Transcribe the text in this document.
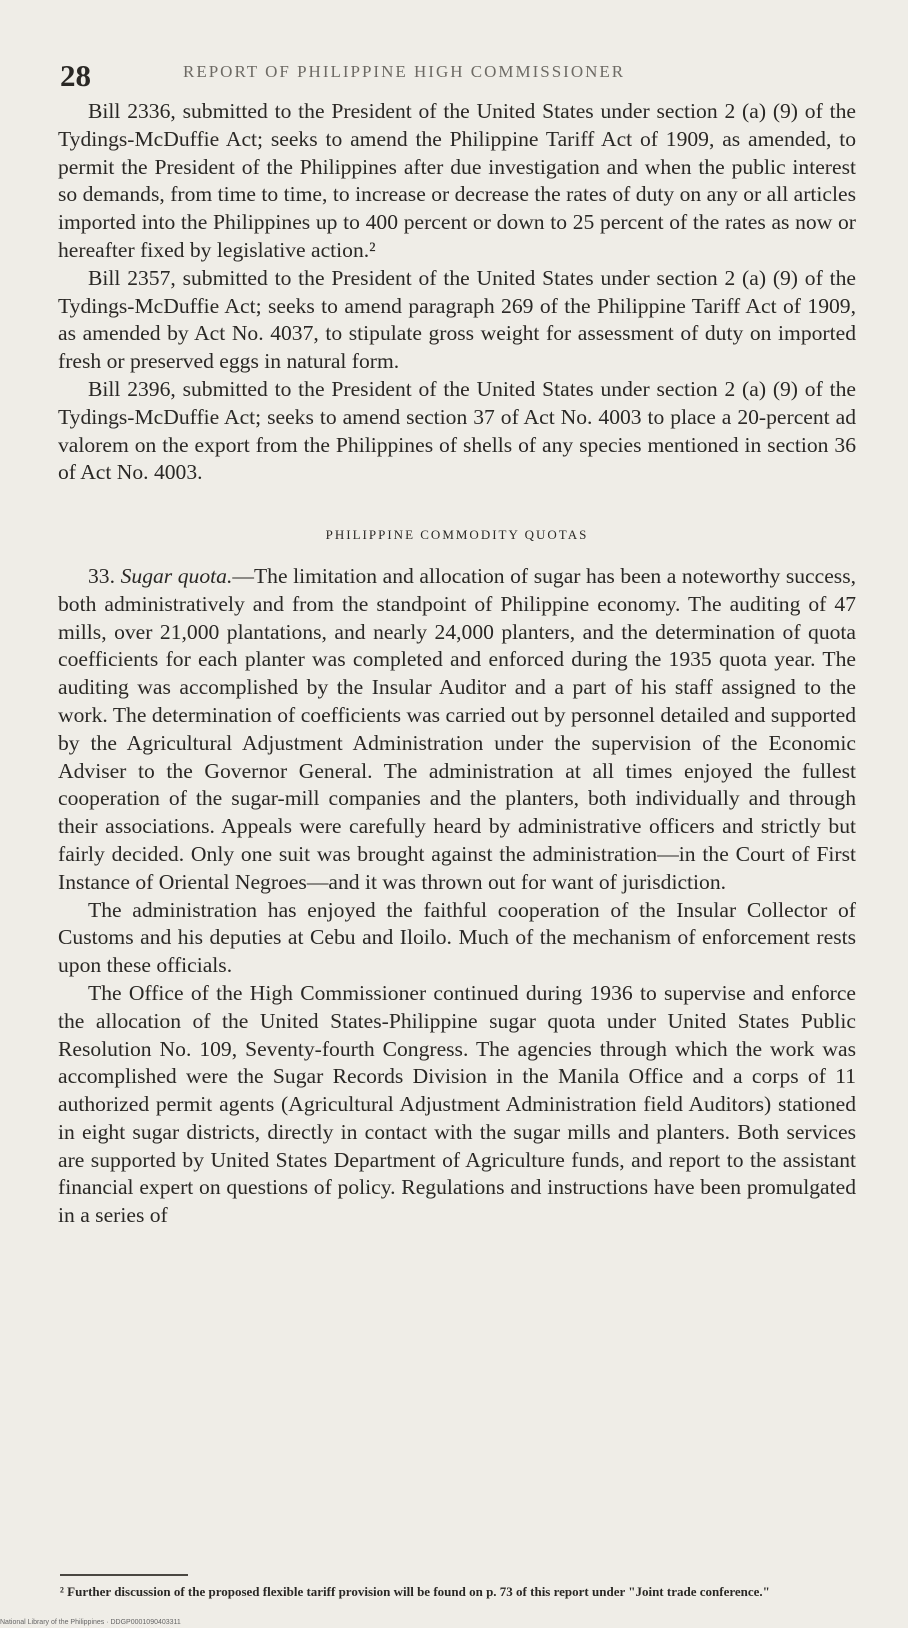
28	REPORT OF PHILIPPINE HIGH COMMISSIONER

Bill 2336, submitted to the President of the United States under section 2 (a) (9) of the Tydings-McDuffie Act; seeks to amend the Philippine Tariff Act of 1909, as amended, to permit the President of the Philippines after due investigation and when the public interest so demands, from time to time, to increase or decrease the rates of duty on any or all articles imported into the Philippines up to 400 percent or down to 25 percent of the rates as now or hereafter fixed by legislative action.²

Bill 2357, submitted to the President of the United States under section 2 (a) (9) of the Tydings-McDuffie Act; seeks to amend paragraph 269 of the Philippine Tariff Act of 1909, as amended by Act No. 4037, to stipulate gross weight for assessment of duty on imported fresh or preserved eggs in natural form.

Bill 2396, submitted to the President of the United States under section 2 (a) (9) of the Tydings-McDuffie Act; seeks to amend section 37 of Act No. 4003 to place a 20-percent ad valorem on the export from the Philippines of shells of any species mentioned in section 36 of Act No. 4003.

PHILIPPINE COMMODITY QUOTAS

33. Sugar quota.—The limitation and allocation of sugar has been a noteworthy success, both administratively and from the standpoint of Philippine economy. The auditing of 47 mills, over 21,000 plantations, and nearly 24,000 planters, and the determination of quota coefficients for each planter was completed and enforced during the 1935 quota year. The auditing was accomplished by the Insular Auditor and a part of his staff assigned to the work. The determination of coefficients was carried out by personnel detailed and supported by the Agricultural Adjustment Administration under the supervision of the Economic Adviser to the Governor General. The administration at all times enjoyed the fullest cooperation of the sugar-mill companies and the planters, both individually and through their associations. Appeals were carefully heard by administrative officers and strictly but fairly decided. Only one suit was brought against the administration—in the Court of First Instance of Oriental Negroes—and it was thrown out for want of jurisdiction.

The administration has enjoyed the faithful cooperation of the Insular Collector of Customs and his deputies at Cebu and Iloilo. Much of the mechanism of enforcement rests upon these officials.

The Office of the High Commissioner continued during 1936 to supervise and enforce the allocation of the United States-Philippine sugar quota under United States Public Resolution No. 109, Seventy-fourth Congress. The agencies through which the work was accomplished were the Sugar Records Division in the Manila Office and a corps of 11 authorized permit agents (Agricultural Adjustment Administration field Auditors) stationed in eight sugar districts, directly in contact with the sugar mills and planters. Both services are supported by United States Department of Agriculture funds, and report to the assistant financial expert on questions of policy. Regulations and instructions have been promulgated in a series of

² Further discussion of the proposed flexible tariff provision will be found on p. 73 of this report under "Joint trade conference."
National Library of the Philippines · DDGP0001090403311
